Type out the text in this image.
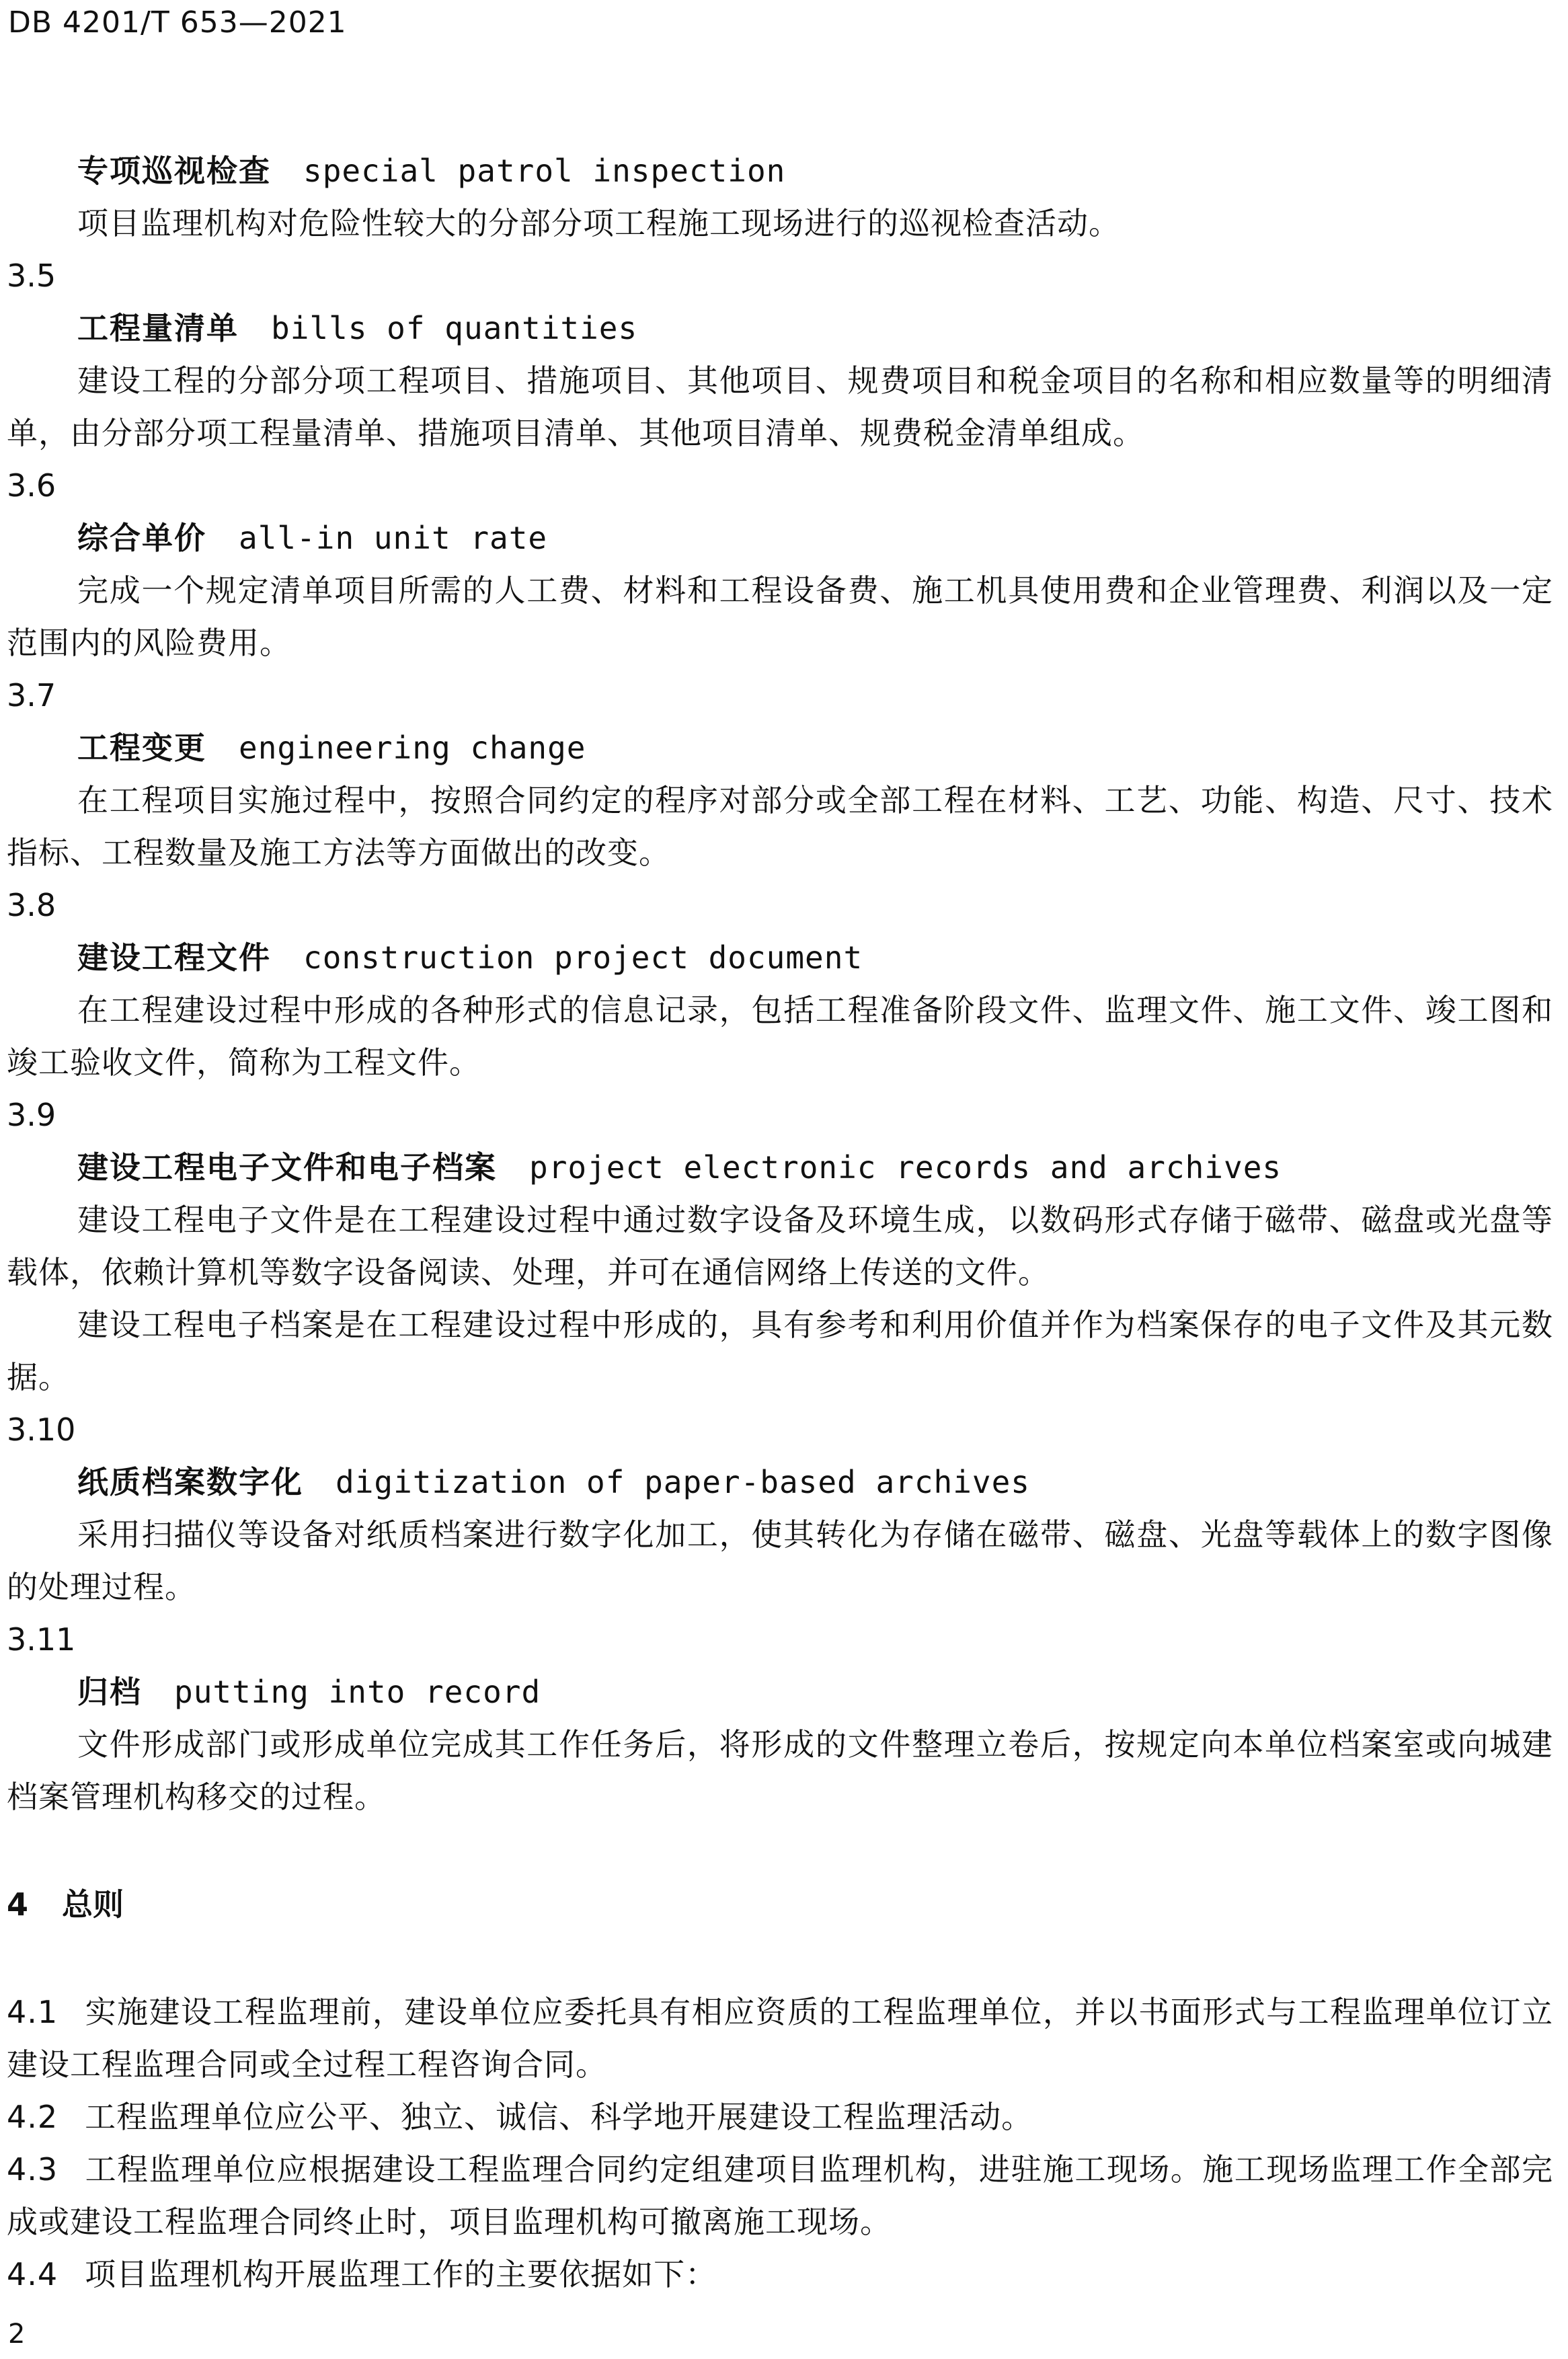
DB 4201/T 653—2021
专项巡视检查 special patrol inspection
项目监理机构对危险性较大的分部分项工程施工现场进行的巡视检查活动。
3.5
工程量清单 bills of quantities
建设工程的分部分项工程项目、措施项目、其他项目、规费项目和税金项目的名称和相应数量等的明细清单，由分部分项工程量清单、措施项目清单、其他项目清单、规费税金清单组成。
3.6
综合单价 all-in unit rate
完成一个规定清单项目所需的人工费、材料和工程设备费、施工机具使用费和企业管理费、利润以及一定范围内的风险费用。
3.7
工程变更 engineering change
在工程项目实施过程中，按照合同约定的程序对部分或全部工程在材料、工艺、功能、构造、尺寸、技术指标、工程数量及施工方法等方面做出的改变。
3.8
建设工程文件 construction project document
在工程建设过程中形成的各种形式的信息记录，包括工程准备阶段文件、监理文件、施工文件、竣工图和竣工验收文件，简称为工程文件。
3.9
建设工程电子文件和电子档案 project electronic records and archives
建设工程电子文件是在工程建设过程中通过数字设备及环境生成，以数码形式存储于磁带、磁盘或光盘等载体，依赖计算机等数字设备阅读、处理，并可在通信网络上传送的文件。
建设工程电子档案是在工程建设过程中形成的，具有参考和利用价值并作为档案保存的电子文件及其元数据。
3.10
纸质档案数字化 digitization of paper-based archives
采用扫描仪等设备对纸质档案进行数字化加工，使其转化为存储在磁带、磁盘、光盘等载体上的数字图像的处理过程。
3.11
归档 putting into record
文件形成部门或形成单位完成其工作任务后，将形成的文件整理立卷后，按规定向本单位档案室或向城建档案管理机构移交的过程。
4 总则
4.1 实施建设工程监理前，建设单位应委托具有相应资质的工程监理单位，并以书面形式与工程监理单位订立建设工程监理合同或全过程工程咨询合同。
4.2 工程监理单位应公平、独立、诚信、科学地开展建设工程监理活动。
4.3 工程监理单位应根据建设工程监理合同约定组建项目监理机构，进驻施工现场。施工现场监理工作全部完成或建设工程监理合同终止时，项目监理机构可撤离施工现场。
4.4 项目监理机构开展监理工作的主要依据如下：
2
